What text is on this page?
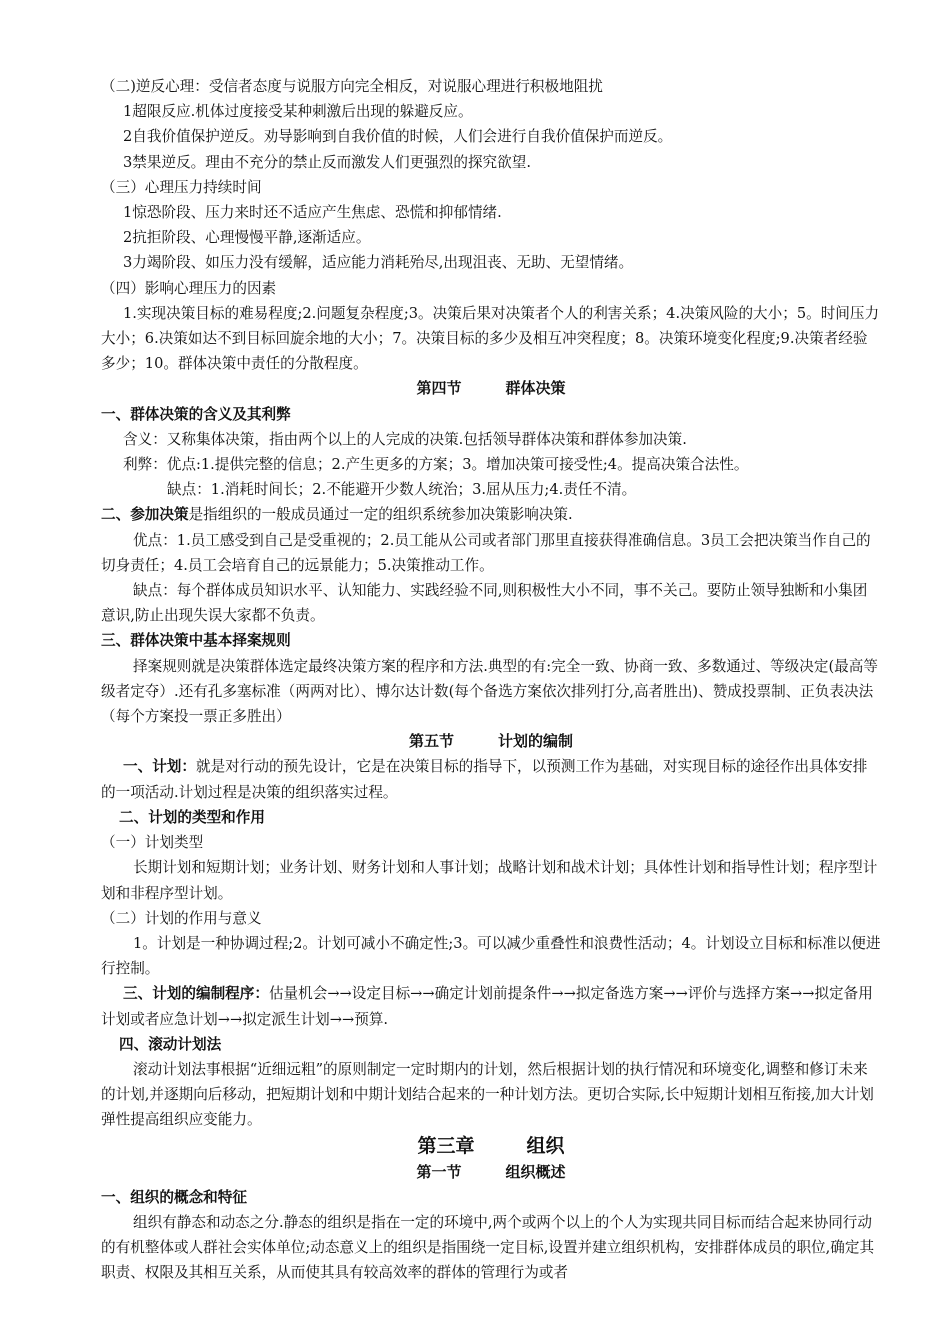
（二)逆反心理：受信者态度与说服方向完全相反，对说服心理进行积极地阻扰
1超限反应.机体过度接受某种刺激后出现的躲避反应。
2自我价值保护逆反。劝导影响到自我价值的时候，人们会进行自我价值保护而逆反。
3禁果逆反。理由不充分的禁止反而激发人们更强烈的探究欲望.
（三）心理压力持续时间
1惊恐阶段、压力来时还不适应产生焦虑、恐慌和抑郁情绪.
2抗拒阶段、心理慢慢平静,逐渐适应。
3力竭阶段、如压力没有缓解，适应能力消耗殆尽,出现沮丧、无助、无望情绪。
（四）影响心理压力的因素
1.实现决策目标的难易程度;2.问题复杂程度;3。决策后果对决策者个人的利害关系；4.决策风险的大小；5。时间压力大小；6.决策如达不到目标回旋余地的大小；7。决策目标的多少及相互冲突程度；8。决策环境变化程度;9.决策者经验多少；10。群体决策中责任的分散程度。
第四节	群体决策
一、群体决策的含义及其利弊
含义：又称集体决策，指由两个以上的人完成的决策.包括领导群体决策和群体参加决策.
利弊：优点:1.提供完整的信息；2.产生更多的方案；3。增加决策可接受性;4。提高决策合法性。
缺点：1.消耗时间长；2.不能避开少数人统治；3.屈从压力;4.责任不清。
二、参加决策是指组织的一般成员通过一定的组织系统参加决策影响决策.
优点：1.员工感受到自己是受重视的；2.员工能从公司或者部门那里直接获得准确信息。3员工会把决策当作自己的切身责任；4.员工会培育自己的远景能力；5.决策推动工作。
缺点：每个群体成员知识水平、认知能力、实践经验不同,则积极性大小不同，事不关己。要防止领导独断和小集团意识,防止出现失误大家都不负责。
三、群体决策中基本择案规则
择案规则就是决策群体选定最终决策方案的程序和方法.典型的有:完全一致、协商一致、多数通过、等级决定(最高等级者定夺）.还有孔多塞标准（两两对比）、博尔达计数(每个备选方案依次排列打分,高者胜出)、赞成投票制、正负表决法（每个方案投一票正多胜出）
第五节	计划的编制
一、计划：就是对行动的预先设计，它是在决策目标的指导下，以预测工作为基础，对实现目标的途径作出具体安排的一项活动.计划过程是决策的组织落实过程。
二、计划的类型和作用
（一）计划类型
长期计划和短期计划；业务计划、财务计划和人事计划；战略计划和战术计划；具体性计划和指导性计划；程序型计划和非程序型计划。
（二）计划的作用与意义
1。计划是一种协调过程;2。计划可减小不确定性;3。可以减少重叠性和浪费性活动；4。计划设立目标和标准以便进行控制。
三、计划的编制程序：估量机会→→设定目标→→确定计划前提条件→→拟定备选方案→→评价与选择方案→→拟定备用计划或者应急计划→→拟定派生计划→→预算.
四、滚动计划法
滚动计划法事根据“近细远粗”的原则制定一定时期内的计划，然后根据计划的执行情况和环境变化,调整和修订未来的计划,并逐期向后移动，把短期计划和中期计划结合起来的一种计划方法。更切合实际,长中短期计划相互衔接,加大计划弹性提高组织应变能力。
第三章	组织
第一节	组织概述
一、组织的概念和特征
组织有静态和动态之分.静态的组织是指在一定的环境中,两个或两个以上的个人为实现共同目标而结合起来协同行动的有机整体或人群社会实体单位;动态意义上的组织是指围绕一定目标,设置并建立组织机构，安排群体成员的职位,确定其职责、权限及其相互关系，从而使其具有较高效率的群体的管理行为或者
